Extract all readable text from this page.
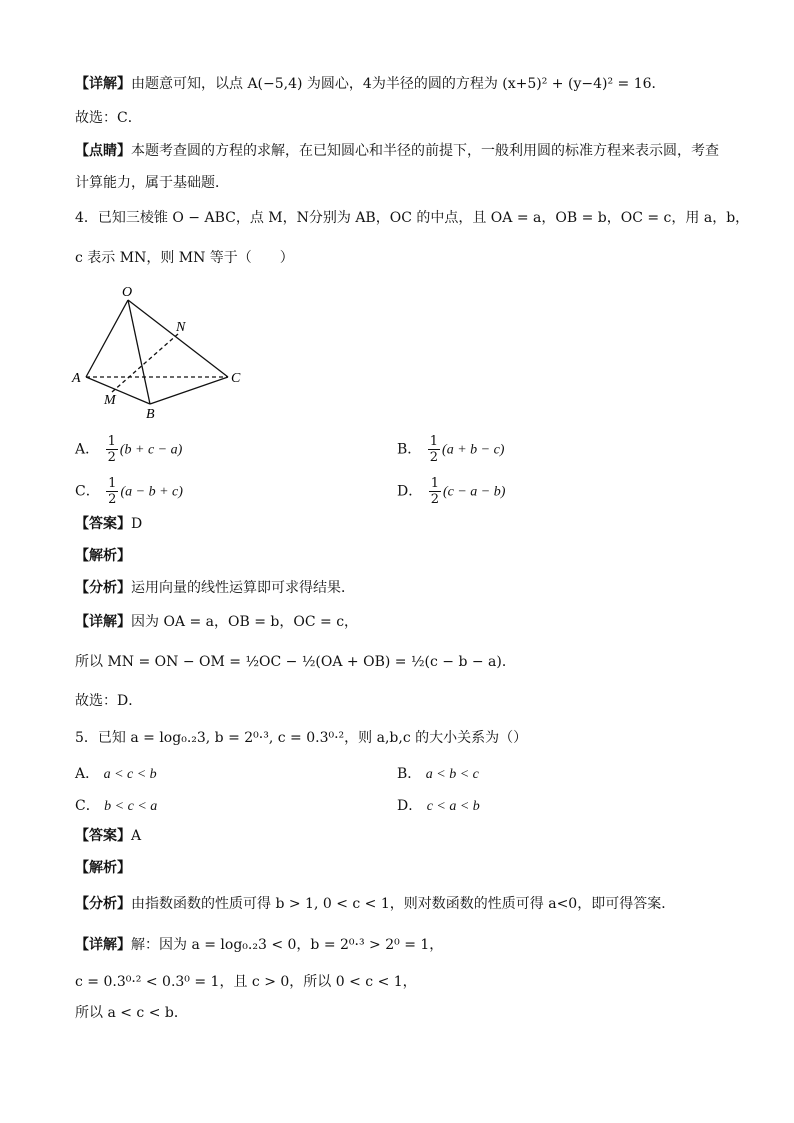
【详解】由题意可知，以点 A(−5,4) 为圆心，4为半径的圆的方程为 (x+5)² + (y−4)² = 16．
故选：C．
【点睛】本题考查圆的方程的求解，在已知圆心和半径的前提下，一般利用圆的标准方程来表示圆，考查
计算能力，属于基础题．
4．已知三棱锥 O − ABC，点 M，N分别为 AB，OC 的中点，且 OA = a，OB = b，OC = c，用 a，b，
c 表示 MN，则 MN 等于（　　）
O
N
A	C
M
B
A． $\frac{1}{2} (b + c - a)$	B． $\frac{1}{2} (a + b - c)$
C． $\frac{1}{2} (a - b + c)$	D． $\frac{1}{2} (c - a - b)$
【答案】D
【解析】
【分析】运用向量的线性运算即可求得结果．
【详解】因为 OA = a，OB = b，OC = c，
所以 MN = ON − OM = ½OC − ½(OA + OB) = ½(c − b − a)．
故选：D．
5．已知 a = log₀.₂3, b = 2⁰·³, c = 0.3⁰·²，则 a,b,c 的大小关系为（）
A． a < c < b	B． a < b < c
C． b < c < a	D． c < a < b
【答案】A
【解析】
【分析】由指数函数的性质可得 b > 1, 0 < c < 1，则对数函数的性质可得 a<0，即可得答案．
【详解】解：因为 a = log₀.₂3 < 0，b = 2⁰·³ > 2⁰ = 1，
c = 0.3⁰·² < 0.3⁰ = 1，且 c > 0，所以 0 < c < 1，
所以 a < c < b．
